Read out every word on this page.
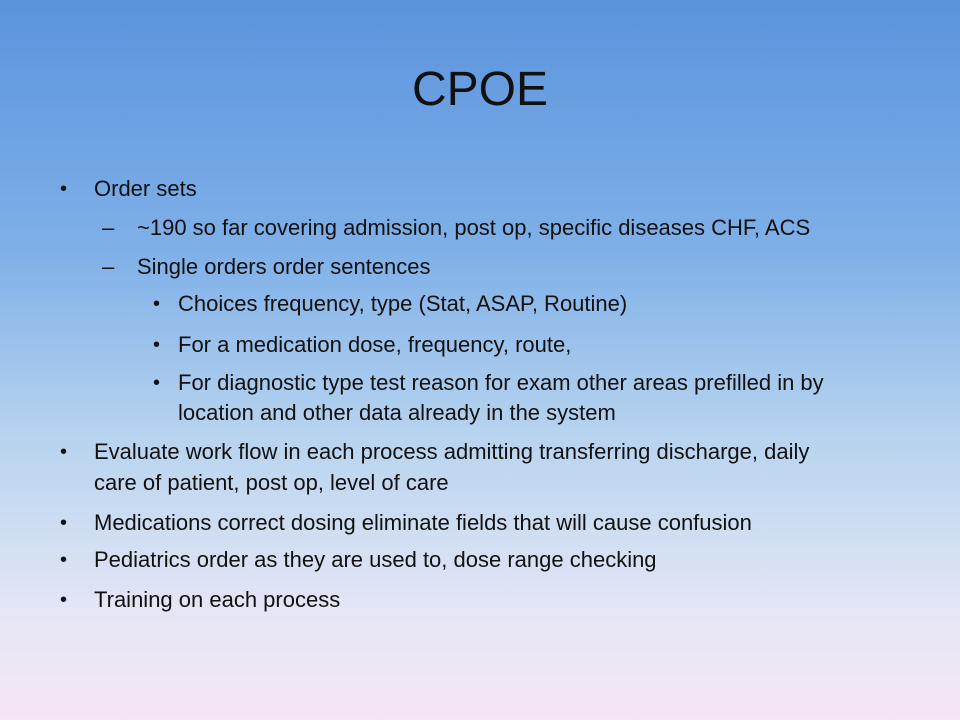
CPOE
• Order sets
– ~190 so far covering admission, post op, specific diseases CHF, ACS
– Single orders order sentences
• Choices frequency, type (Stat, ASAP, Routine)
• For a medication dose, frequency, route,
• For diagnostic type test reason for exam other areas prefilled in by
location and other data already in the system
• Evaluate work flow in each process admitting transferring discharge, daily
care of patient, post op, level of care
• Medications correct dosing eliminate fields that will cause confusion
• Pediatrics order as they are used to, dose range checking
• Training on each process
